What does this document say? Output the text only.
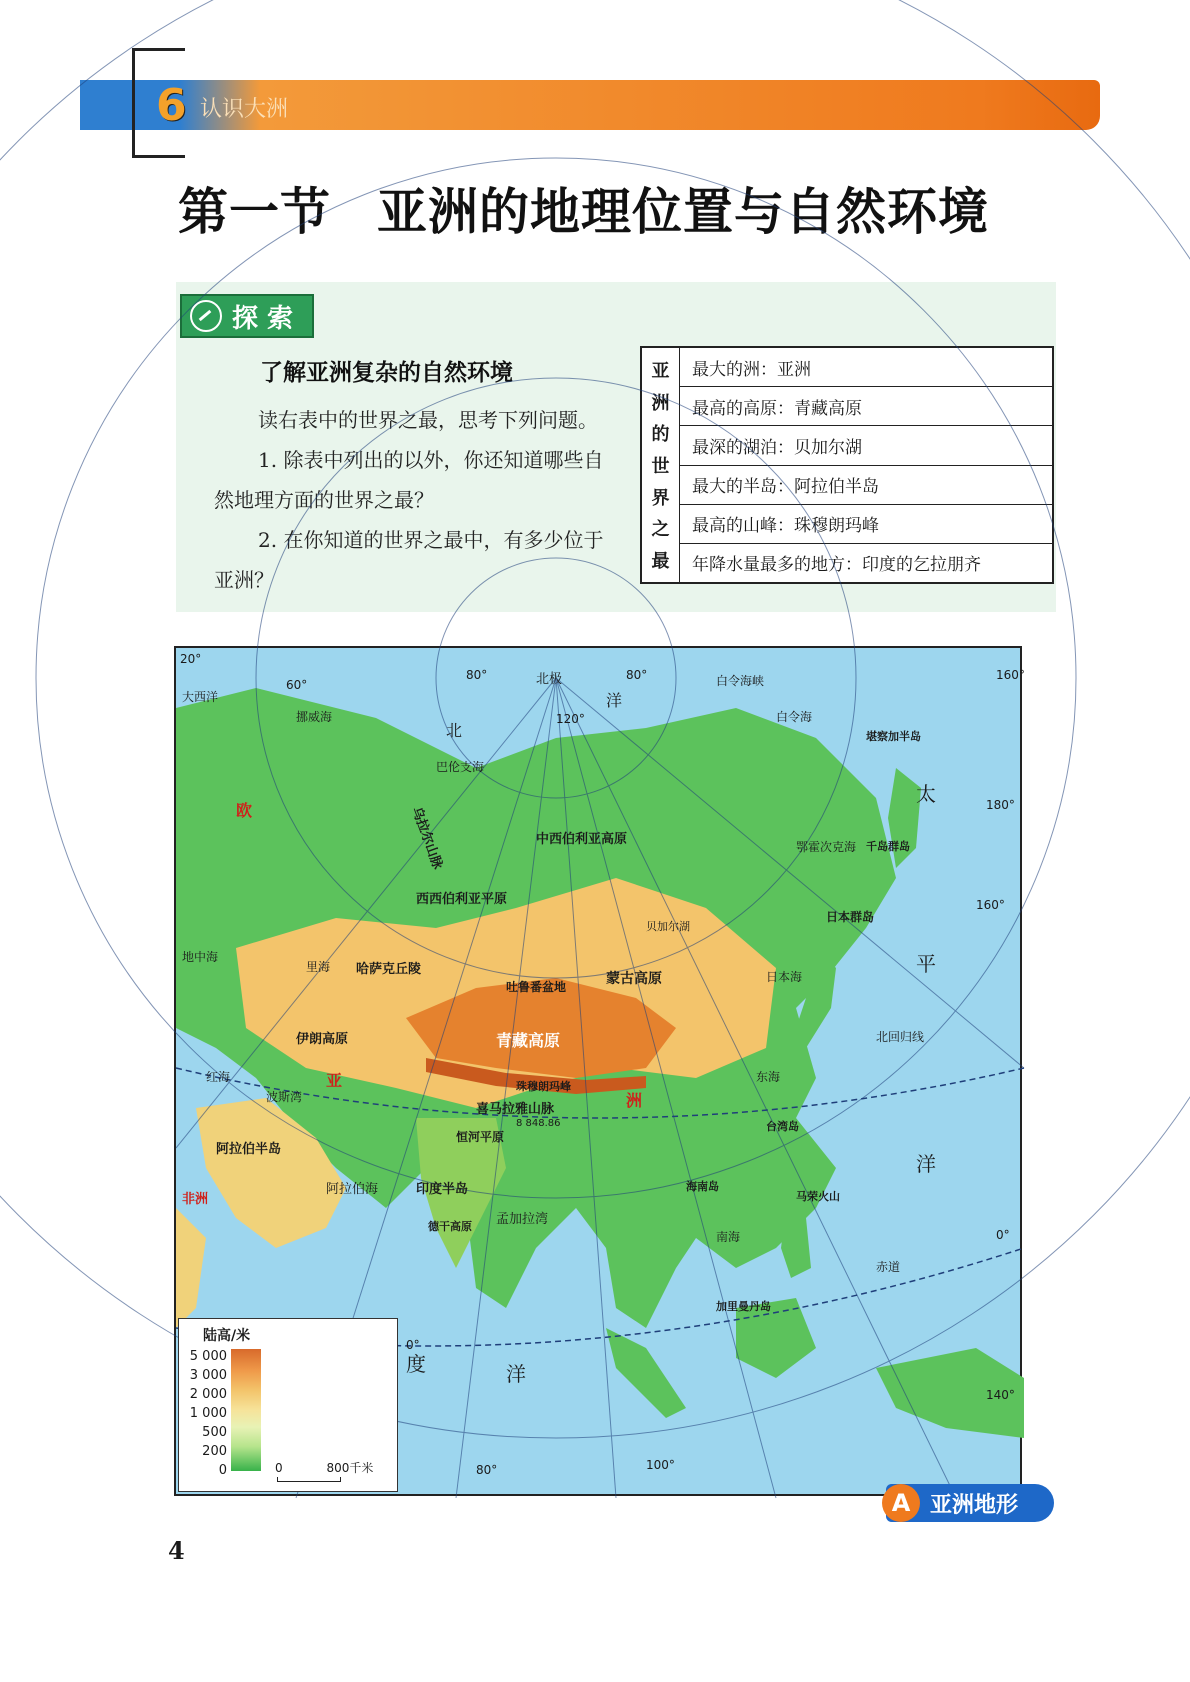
6 认识大洲
第一节 亚洲的地理位置与自然环境
探 索
了解亚洲复杂的自然环境

读右表中的世界之最，思考下列问题。

1. 除表中列出的以外，你还知道哪些自然地理方面的世界之最？

2. 在你知道的世界之最中，有多少位于亚洲？

亚
洲
的
世
界
之
最
最大的洲：亚洲
最高的高原：青藏高原
最深的湖泊：贝加尔湖
最大的半岛：阿拉伯半岛
最高的山峰：珠穆朗玛峰
年降水量最多的地方：印度的乞拉朋齐
北极
北
洋
巴伦支海
白令海峡
白令海
鄂霍次克海
中西伯利亚高原
西西伯利亚平原
乌拉尔山脉
哈萨克丘陵
贝加尔湖
蒙古高原
吐鲁番盆地
青藏高原
喜马拉雅山脉
珠穆朗玛峰
8 848.86
伊朗高原
阿拉伯半岛
印度半岛
德干高原
恒河平原
阿拉伯海
孟加拉湾
度	洋
太
平
洋
日本海
日本群岛
堪察加半岛
千岛群岛
东海
台湾岛
海南岛
南海
马荣火山
加里曼丹岛
赤道
北回归线
亚
洲
非洲
欧
地中海
里海
红海
波斯湾
大西洋
挪威海
20°
60°
80°	80°
120°
160°
160°
180°
0°
140°
80°	100°
0°
陆高/米
5 000
3 000
2 000
1 000
500
200
0	0	800千米
A 亚洲地形
4
